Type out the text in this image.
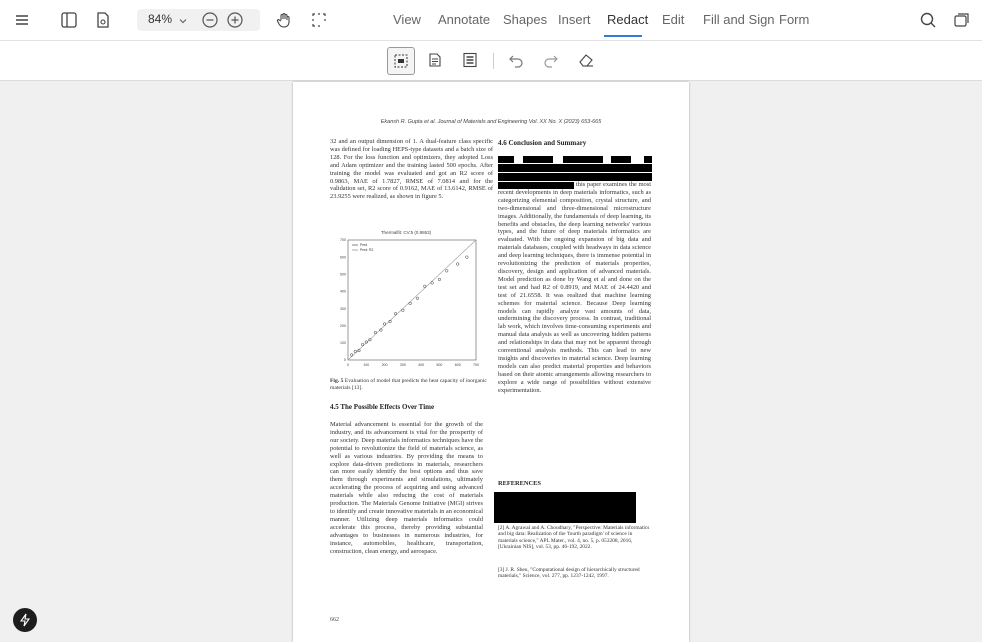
84%	View Annotate Shapes Insert Redact Edit Fill and Sign Form
Ekansh R. Gupta et al. Journal of Materials and Engineering Vol. XX No. X (2023) 653-665
32 and an output dimension of 1. A dual-feature class specific was defined for loading HEPS-type datasets and a batch size of 128. For the loss function and optimizers, they adopted Loss and Adam optimizer and the training lasted 500 epochs. After training the model was evaluated and got an R2 score of 0.9863, MAE of 1.7827, RMSE of 7.0814 and for the validation set, R2 score of 0.9162, MAE of 13.6142, RMSE of 23.9255 were realized, as shown in figure 5.
Thermalfit: CV:5 (0.9863)
0	100	200	300	400	500	600	700
0
100
200
300
400
500
600
700
Pred
Pred: R2
Fig. 5 Evaluation of model that predicts the heat capacity of inorganic materials [13].
4.5 The Possible Effects Over Time
Material advancement is essential for the growth of the industry, and its advancement is vital for the prosperity of our society. Deep materials informatics techniques have the potential to revolutionize the field of materials science, as well as various industries. By providing the means to explore data-driven predictions in materials, researchers can more easily identify the best options and thus save them through experiments and simulations, ultimately accelerating the process of acquiring and using advanced materials while also reducing the cost of materials production. The Materials Genome Initiative (MGI) strives to identify and create innovative materials in an economical manner. Utilizing deep materials informatics could accelerate this process, thereby providing substantial advantages to businesses in numerous industries, for instance, automobiles, healthcare, transportation, construction, clean energy, and aerospace.
4.6 Conclusion and Summary
this paper examines the most recent developments in deep materials informatics, such as categorizing elemental composition, crystal structure, and two-dimensional and three-dimensional microstructure images. Additionally, the fundamentals of deep learning, its benefits and obstacles, the deep learning networks' various types, and the future of deep materials informatics are evaluated. With the ongoing expansion of big data and materials databases, coupled with headways in data science and deep learning techniques, there is immense potential in revolutionizing the prediction of materials properties, discovery, design and application of advanced materials. Model prediction as done by Wang et al and done on the test set and had R2 of 0.8919, and MAE of 24.4420 and test of 21.6558. It was realized that machine learning schemes for material science. Because Deep learning models can rapidly analyze vast amounts of data, undermining the discovery process. In contrast, traditional lab work, which involves time-consuming experiments and manual data analysis as well as uncovering hidden patterns and relationships in data that may not be apparent through conventional analysis methods. This can lead to new insights and discoveries in material science. Deep learning models can also predict material properties and behaviors based on their atomic arrangements allowing researchers to explore a wide range of possibilities without extensive experimentation.
REFERENCES
[2] A. Agrawal and A. Choudhary, "Perspective: Materials informatics and big data: Realization of the 'fourth paradigm' of science in materials science," APL Mater., vol. 4, no. 5, p. 053208, 2016, [Ukrainian NIS], vol. 53, pp. 46-192, 2022.
[3] J. R. Sheu, "Computational design of hierarchically structured materials," Science, vol. 277, pp. 1237-1242, 1997.
662
